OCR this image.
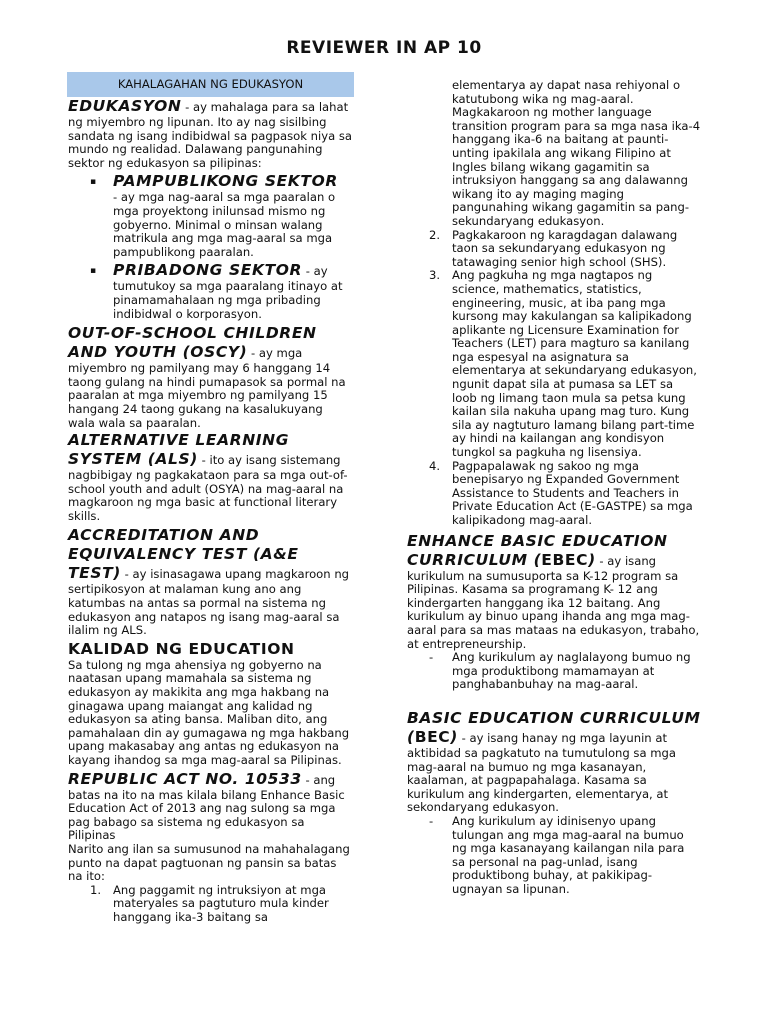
REVIEWER IN AP 10
KAHALAGAHAN NG EDUKASYON

EDUKASYON - ay mahalaga para sa lahat ng miyembro ng lipunan. Ito ay nag sisilbing sandata ng isang indibidwal sa pagpasok niya sa mundo ng realidad. Dalawang pangunahing sektor ng edukasyon sa pilipinas:

▪ PAMPUBLIKONG SEKTOR
- ay mga nag-aaral sa mga paaralan o mga proyektong inilunsad mismo ng gobyerno. Minimal o minsan walang matrikula ang mga mag-aaral sa mga pampublikong paaralan.
▪ PRIBADONG SEKTOR - ay tumutukoy sa mga paaralang itinayo at pinamamahalaan ng mga pribading indibidwal o korporasyon.

OUT-OF-SCHOOL CHILDREN AND YOUTH (OSCY) - ay mga miyembro ng pamilyang may 6 hanggang 14 taong gulang na hindi pumapasok sa pormal na paaralan at mga miyembro ng pamilyang 15 hangang 24 taong gukang na kasalukuyang wala wala sa paaralan.

ALTERNATIVE LEARNING SYSTEM (ALS) - ito ay isang sistemang nagbibigay ng pagkakataon para sa mga out-of-school youth and adult (OSYA) na mag-aaral na magkaroon ng mga basic at functional literary skills.

ACCREDITATION AND EQUIVALENCY TEST (A&E TEST) - ay isinasagawa upang magkaroon ng sertipikosyon at malaman kung ano ang katumbas na antas sa pormal na sistema ng edukasyon ang natapos ng isang mag-aaral sa ilalim ng ALS.

KALIDAD NG EDUCATION

Sa tulong ng mga ahensiya ng gobyerno na naatasan upang mamahala sa sistema ng edukasyon ay makikita ang mga hakbang na ginagawa upang maiangat ang kalidad ng edukasyon sa ating bansa. Maliban dito, ang pamahalaan din ay gumagawa ng mga hakbang upang makasabay ang antas ng edukasyon na kayang ihandog sa mga mag-aaral sa Pilipinas.

REPUBLIC ACT NO. 10533 - ang batas na ito na mas kilala bilang Enhance Basic Education Act of 2013 ang nag sulong sa mga pag babago sa sistema ng edukasyon sa Pilipinas

Narito ang ilan sa sumusunod na mahahalagang punto na dapat pagtuonan ng pansin sa batas na ito:

1. Ang paggamit ng intruksiyon at mga materyales sa pagtuturo mula kinder hanggang ika-3 baitang sa
elementarya ay dapat nasa rehiyonal o katutubong wika ng mag-aaral. Magkakaroon ng mother language transition program para sa mga nasa ika-4 hanggang ika-6 na baitang at paunti-unting ipakilala ang wikang Filipino at Ingles bilang wikang gagamitin sa intruksiyon hanggang sa ang dalawanng wikang ito ay maging maging pangunahing wikang gagamitin sa pang-sekundaryang edukasyon.
2. Pagkakaroon ng karagdagan dalawang taon sa sekundaryang edukasyon ng tatawaging senior high school (SHS).
3. Ang pagkuha ng mga nagtapos ng science, mathematics, statistics, engineering, music, at iba pang mga kursong may kakulangan sa kalipikadong aplikante ng Licensure Examination for Teachers (LET) para magturo sa kanilang nga espesyal na asignatura sa elementarya at sekundaryang edukasyon, ngunit dapat sila at pumasa sa LET sa loob ng limang taon mula sa petsa kung kailan sila nakuha upang mag turo. Kung sila ay nagtuturo lamang bilang part-time ay hindi na kailangan ang kondisyon tungkol sa pagkuha ng lisensiya.
4. Pagpapalawak ng sakoo ng mga benepisaryo ng Expanded Government Assistance to Students and Teachers in Private Education Act (E-GASTPE) sa mga kalipikadong mag-aaral.

ENHANCE BASIC EDUCATION CURRICULUM (EBEC) - ay isang kurikulum na sumusuporta sa K-12 program sa Pilipinas. Kasama sa programang K- 12 ang kindergarten hanggang ika 12 baitang. Ang kurikulum ay binuo upang ihanda ang mga mag-aaral para sa mas mataas na edukasyon, trabaho, at entrepreneurship.

- Ang kurikulum ay naglalayong bumuo ng mga produktibong mamamayan at panghabanbuhay na mag-aaral.

BASIC EDUCATION CURRICULUM (BEC) - ay isang hanay ng mga layunin at aktibidad sa pagkatuto na tumutulong sa mga mag-aaral na bumuo ng mga kasanayan, kaalaman, at pagpapahalaga. Kasama sa kurikulum ang kindergarten, elementarya, at sekondaryang edukasyon.

- Ang kurikulum ay idinisenyo upang tulungan ang mga mag-aaral na bumuo ng mga kasanayang kailangan nila para sa personal na pag-unlad, isang produktibong buhay, at pakikipag-ugnayan sa lipunan.
